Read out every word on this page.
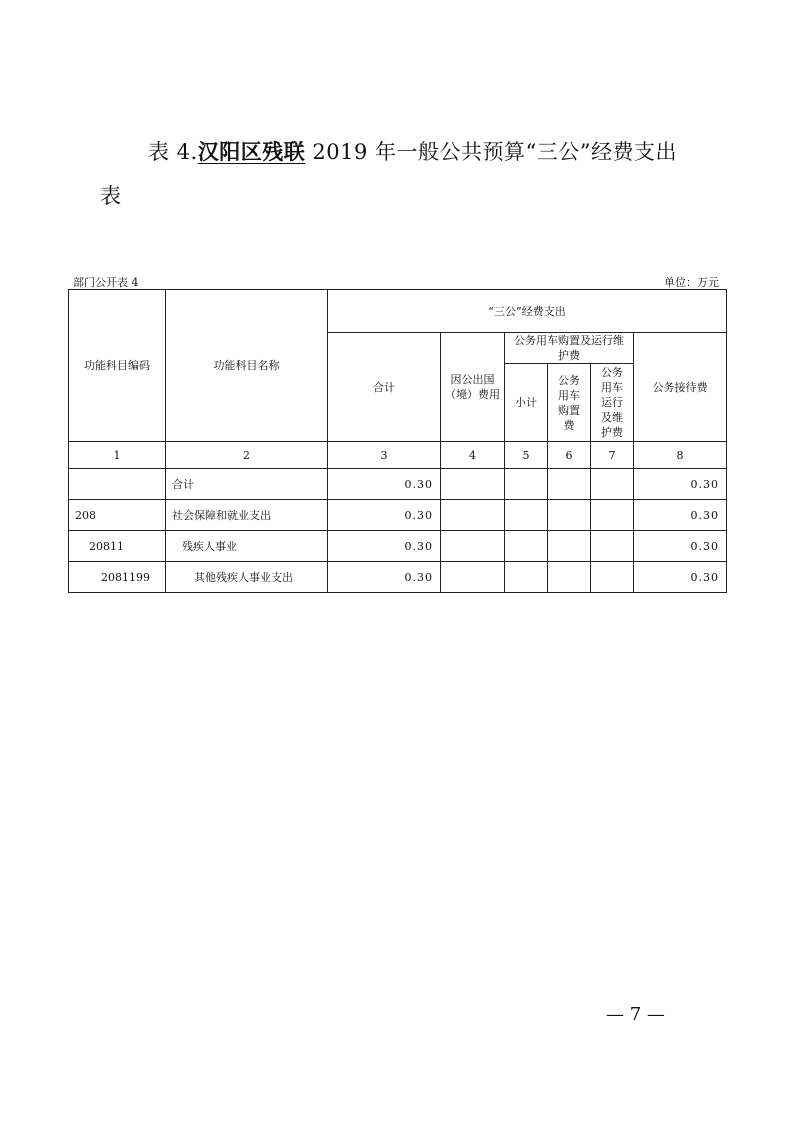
表 4.汉阳区残联 2019 年一般公共预算“三公”经费支出
表
部门公开表 4	单位：万元
功能科目编码	功能科目名称	“三公”经费支出					
		合计	因公出国（境）费用	公务用车购置及运行维护费			公务接待费
				小计	公务用车购置费	公务用车运行及维护费	
1	2	3	4	5	6	7	8
	合计	0.30					0.30
208	社会保障和就业支出	0.30					0.30
20811	残疾人事业	0.30					0.30
2081199	其他残疾人事业支出	0.30					0.30
— 7 —
